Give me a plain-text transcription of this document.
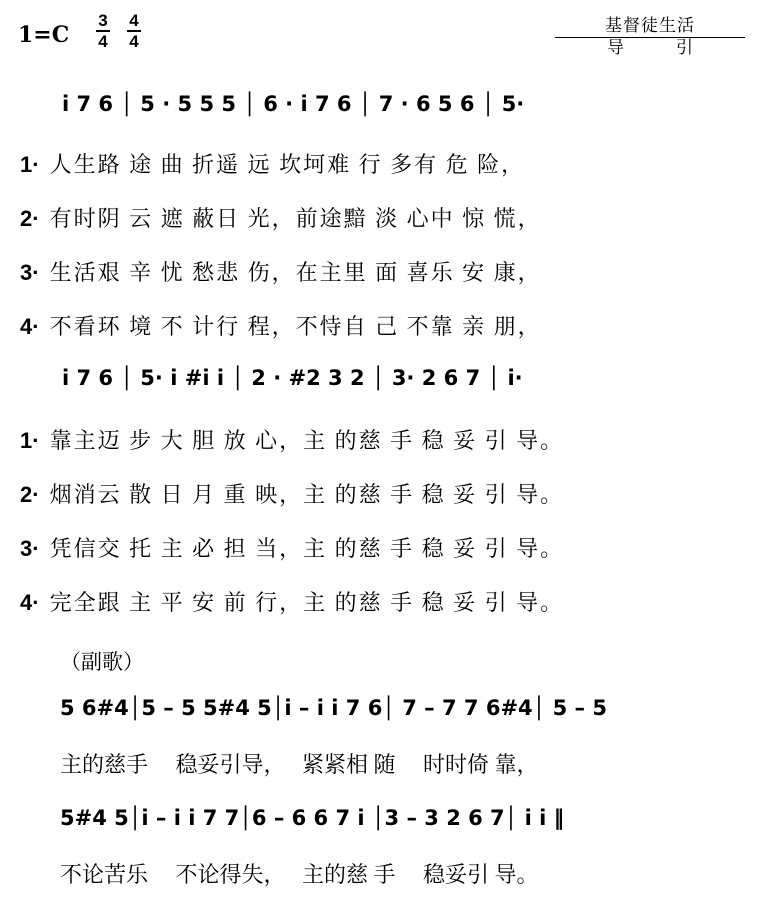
1=C
3
4
4
4
基督徒生活
导引
i 7 6 │ 5 · 5 5 5 │ 6 · i 7 6 │ 7 · 6 5 6 │ 5·
1· 人生路 途 曲 折遥 远 坎坷难 行 多有 危 险，
2· 有时阴 云 遮 蔽日 光，前途黯 淡 心中 惊 慌，
3· 生活艰 辛 忧 愁悲 伤，在主里 面 喜乐 安 康，
4· 不看环 境 不 计行 程，不恃自 己 不靠 亲 朋，
i 7 6 │ 5· i #i i │ 2 · #2 3 2 │ 3· 2 6 7 │ i·
1· 靠主迈 步 大 胆 放 心，主 的慈 手 稳 妥 引 导。
2· 烟消云 散 日 月 重 映，主 的慈 手 稳 妥 引 导。
3· 凭信交 托 主 必 担 当，主 的慈 手 稳 妥 引 导。
4· 完全跟 主 平 安 前 行，主 的慈 手 稳 妥 引 导。
（副歌）
5 6#4│5 – 5 5#4 5│i – i i 7 6│ 7 – 7 7 6#4│ 5 – 5
主的慈手     稳妥引导，   紧紧相 随     时时倚 靠，
5#4 5│i – i i 7 7│6 – 6 6 7 i │3 – 3 2 6 7│ i i ‖
不论苦乐     不论得失，   主的慈 手     稳妥引 导。
